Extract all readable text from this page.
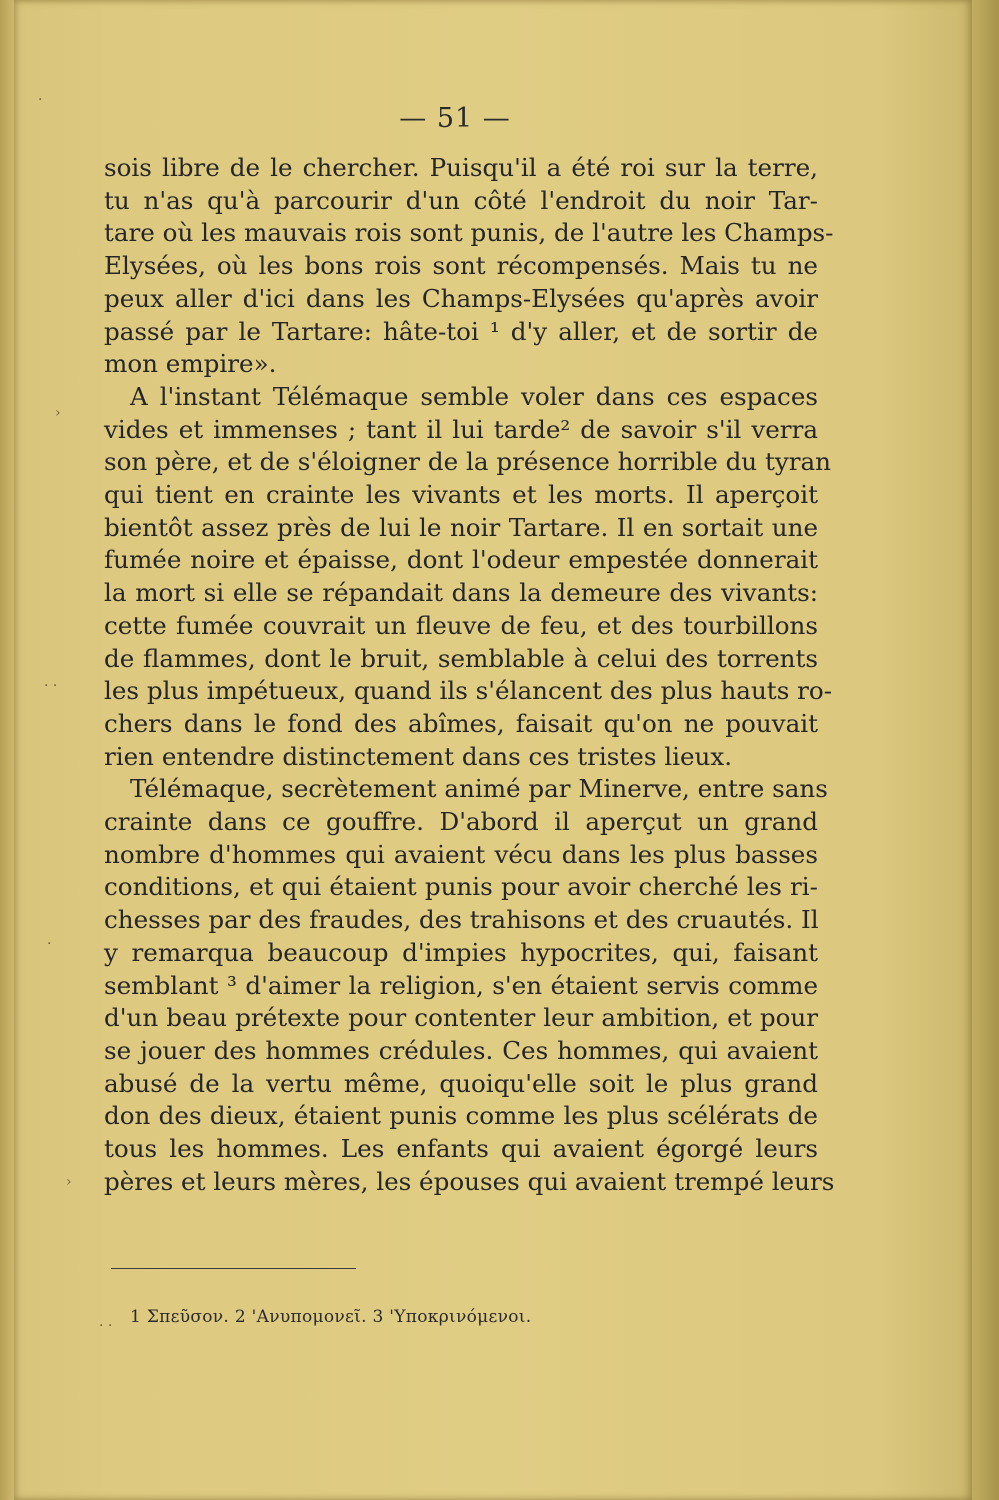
— 51 —
sois libre de le chercher. Puisqu'il a été roi sur la terre,
tu n'as qu'à parcourir d'un côté l'endroit du noir Tar-
tare où les mauvais rois sont punis, de l'autre les Champs-
Elysées, où les bons rois sont récompensés. Mais tu ne
peux aller d'ici dans les Champs-Elysées qu'après avoir
passé par le Tartare: hâte-toi ¹ d'y aller, et de sortir de
mon empire».
A l'instant Télémaque semble voler dans ces espaces
vides et immenses ; tant il lui tarde² de savoir s'il verra
son père, et de s'éloigner de la présence horrible du tyran
qui tient en crainte les vivants et les morts. Il aperçoit
bientôt assez près de lui le noir Tartare. Il en sortait une
fumée noire et épaisse, dont l'odeur empestée donnerait
la mort si elle se répandait dans la demeure des vivants:
cette fumée couvrait un fleuve de feu, et des tourbillons
de flammes, dont le bruit, semblable à celui des torrents
les plus impétueux, quand ils s'élancent des plus hauts ro-
chers dans le fond des abîmes, faisait qu'on ne pouvait
rien entendre distinctement dans ces tristes lieux.
Télémaque, secrètement animé par Minerve, entre sans
crainte dans ce gouffre. D'abord il aperçut un grand
nombre d'hommes qui avaient vécu dans les plus basses
conditions, et qui étaient punis pour avoir cherché les ri-
chesses par des fraudes, des trahisons et des cruautés. Il
y remarqua beaucoup d'impies hypocrites, qui, faisant
semblant ³ d'aimer la religion, s'en étaient servis comme
d'un beau prétexte pour contenter leur ambition, et pour
se jouer des hommes crédules. Ces hommes, qui avaient
abusé de la vertu même, quoiqu'elle soit le plus grand
don des dieux, étaient punis comme les plus scélérats de
tous les hommes. Les enfants qui avaient égorgé leurs
pères et leurs mères, les épouses qui avaient trempé leurs
1 Σπεῦσον. 2 'Ανυπομονεῖ. 3 'Υποκρινόμενοι.
·
›
· ·
·
›
· ·
